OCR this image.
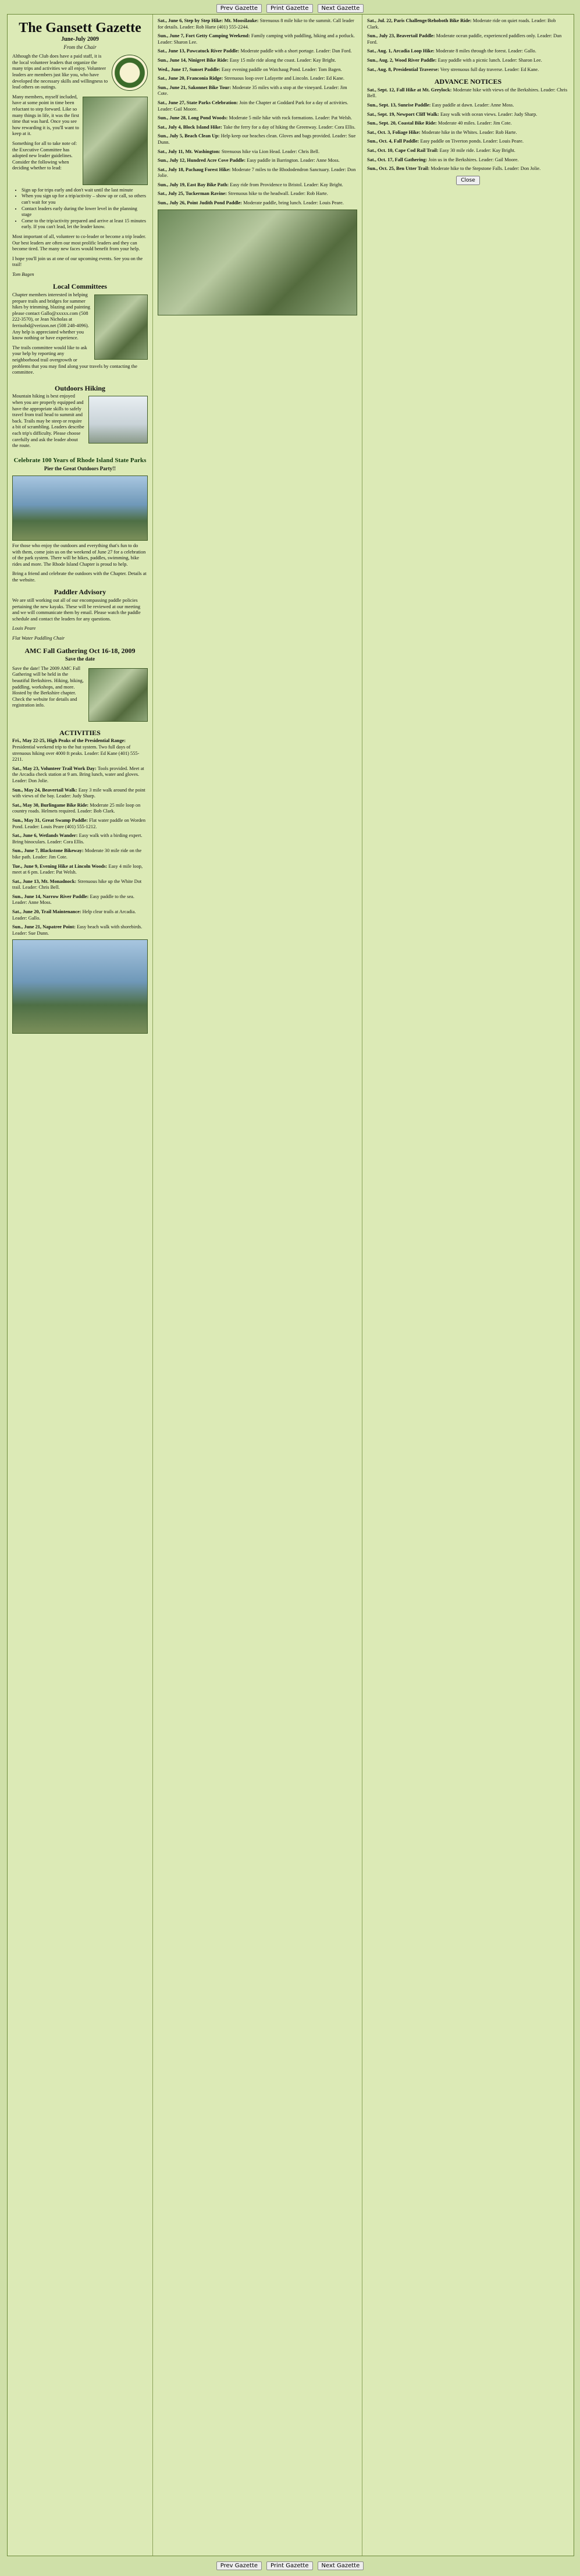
Prev Gazette Print Gazette Next Gazette
The Gansett Gazette

June-July 2009

From the Chair

Although the Club does have a paid staff, it is the local volunteer leaders that organize the many trips and activities we all enjoy. Volunteer leaders are members just like you, who have developed the necessary skills and willingness to lead others on outings.

Many members, myself included, have at some point in time been reluctant to step forward. Like so many things in life, it was the first time that was hard. Once you see how rewarding it is, you'll want to keep at it.

Something for all to take note of: the Executive Committee has adopted new leader guidelines. Consider the following when deciding whether to lead:

• Sign up for trips early and don't wait until the last minute
• When you sign up for a trip/activity – show up or call, so others can't wait for you
• Contact leaders early during the lower level in the planning stage
• Come to the trip/activity prepared and arrive at least 15 minutes early. If you can't lead, let the leader know.

Most important of all, volunteer to co-leader or become a trip leader. Our best leaders are often our most prolific leaders and they can become tired. The many new faces would benefit from your help.

I hope you'll join us at one of our upcoming events. See you on the trail!

Tom Bagen

Local Committees

Chapter members interested in helping prepare trails and bridges for summer hikes by trimming, blazing and painting please contact Gallo@xxxxx.com (508 222-3570), or Jean Nicholas at ferrisobd@verizon.net (508 248-4096). Any help is appreciated whether you know nothing or have experience.

The trails committee would like to ask your help by reporting any neighborhood trail overgrowth or problems that you may find along your travels by contacting the committee.

Outdoors Hiking

Mountain hiking is best enjoyed when you are properly equipped and have the appropriate skills to safely travel from trail head to summit and back. Trails may be steep or require a bit of scrambling. Leaders describe each trip's difficulty. Please choose carefully and ask the leader about the route.

Celebrate 100 Years of Rhode Island State Parks

Pier the Great Outdoors Party!!

For those who enjoy the outdoors and everything that's fun to do with them, come join us on the weekend of June 27 for a celebration of the park system. There will be hikes, paddles, swimming, bike rides and more. The Rhode Island Chapter is proud to help.

Bring a friend and celebrate the outdoors with the Chapter. Details at the website.

Paddler Advisory

We are still working out all of our encompassing paddle policies pertaining the new kayaks. These will be reviewed at our meeting and we will communicate them by email. Please watch the paddle schedule and contact the leaders for any questions.

Louis Peare

Flat Water Paddling Chair

AMC Fall Gathering Oct 16-18, 2009

Save the date

Save the date! The 2009 AMC Fall Gathering will be held in the beautiful Berkshires. Hiking, biking, paddling, workshops, and more. Hosted by the Berkshire chapter. Check the website for details and registration info.

ACTIVITIES

Fri., May 22-25, High Peaks of the Presidential Range: Presidential weekend trip to the hut system. Two full days of strenuous hiking over 4000 ft peaks. Leader: Ed Kane (401) 555-2211.

Sat., May 23, Volunteer Trail Work Day: Tools provided. Meet at the Arcadia check station at 9 am. Bring lunch, water and gloves. Leader: Don Jolie.

Sun., May 24, Beavertail Walk: Easy 3 mile walk around the point with views of the bay. Leader: Judy Sharp.

Sat., May 30, Burlingame Bike Ride: Moderate 25 mile loop on country roads. Helmets required. Leader: Bob Clark.

Sun., May 31, Great Swamp Paddle: Flat water paddle on Worden Pond. Leader: Louis Peare (401) 555-1212.

Sat., June 6, Wetlands Wander: Easy walk with a birding expert. Bring binoculars. Leader: Cora Ellis.

Sun., June 7, Blackstone Bikeway: Moderate 30 mile ride on the bike path. Leader: Jim Cote.

Tue., June 9, Evening Hike at Lincoln Woods: Easy 4 mile loop, meet at 6 pm. Leader: Pat Welsh.

Sat., June 13, Mt. Monadnock: Strenuous hike up the White Dot trail. Leader: Chris Bell.

Sun., June 14, Narrow River Paddle: Easy paddle to the sea. Leader: Anne Moss.

Sat., June 20, Trail Maintenance: Help clear trails at Arcadia. Leader: Gallo.

Sun., June 21, Napatree Point: Easy beach walk with shorebirds. Leader: Sue Dunn.

Sat., June 6, Step by Step Hike: Mt. Moosilauke: Strenuous 8 mile hike to the summit. Call leader for details. Leader: Rob Harte (401) 555-2244.

Sun., June 7, Fort Getty Camping Weekend: Family camping with paddling, hiking and a potluck. Leader: Sharon Lee.

Sat., June 13, Pawcatuck River Paddle: Moderate paddle with a short portage. Leader: Dan Ford.

Sun., June 14, Ninigret Bike Ride: Easy 15 mile ride along the coast. Leader: Kay Bright.

Wed., June 17, Sunset Paddle: Easy evening paddle on Watchaug Pond. Leader: Tom Bagen.

Sat., June 20, Franconia Ridge: Strenuous loop over Lafayette and Lincoln. Leader: Ed Kane.

Sun., June 21, Sakonnet Bike Tour: Moderate 35 miles with a stop at the vineyard. Leader: Jim Cote.

Sat., June 27, State Parks Celebration: Join the Chapter at Goddard Park for a day of activities. Leader: Gail Moore.

Sun., June 28, Long Pond Woods: Moderate 5 mile hike with rock formations. Leader: Pat Welsh.

Sat., July 4, Block Island Hike: Take the ferry for a day of hiking the Greenway. Leader: Cora Ellis.

Sun., July 5, Beach Clean Up: Help keep our beaches clean. Gloves and bags provided. Leader: Sue Dunn.

Sat., July 11, Mt. Washington: Strenuous hike via Lion Head. Leader: Chris Bell.

Sun., July 12, Hundred Acre Cove Paddle: Easy paddle in Barrington. Leader: Anne Moss.

Sat., July 18, Pachaug Forest Hike: Moderate 7 miles to the Rhododendron Sanctuary. Leader: Don Jolie.

Sun., July 19, East Bay Bike Path: Easy ride from Providence to Bristol. Leader: Kay Bright.

Sat., July 25, Tuckerman Ravine: Strenuous hike to the headwall. Leader: Rob Harte.

Sun., July 26, Point Judith Pond Paddle: Moderate paddle, bring lunch. Leader: Louis Peare.

Sat., Jul. 22, Paris Challenge/Rehoboth Bike Ride: Moderate ride on quiet roads. Leader: Bob Clark.

Sun., July 23, Beavertail Paddle: Moderate ocean paddle, experienced paddlers only. Leader: Dan Ford.

Sat., Aug. 1, Arcadia Loop Hike: Moderate 8 miles through the forest. Leader: Gallo.

Sun., Aug. 2, Wood River Paddle: Easy paddle with a picnic lunch. Leader: Sharon Lee.

Sat., Aug. 8, Presidential Traverse: Very strenuous full day traverse. Leader: Ed Kane.

ADVANCE NOTICES

Sat., Sept. 12, Fall Hike at Mt. Greylock: Moderate hike with views of the Berkshires. Leader: Chris Bell.

Sun., Sept. 13, Sunrise Paddle: Easy paddle at dawn. Leader: Anne Moss.

Sat., Sept. 19, Newport Cliff Walk: Easy walk with ocean views. Leader: Judy Sharp.

Sun., Sept. 20, Coastal Bike Ride: Moderate 40 miles. Leader: Jim Cote.

Sat., Oct. 3, Foliage Hike: Moderate hike in the Whites. Leader: Rob Harte.

Sun., Oct. 4, Fall Paddle: Easy paddle on Tiverton ponds. Leader: Louis Peare.

Sat., Oct. 10, Cape Cod Rail Trail: Easy 30 mile ride. Leader: Kay Bright.

Sat., Oct. 17, Fall Gathering: Join us in the Berkshires. Leader: Gail Moore.

Sun., Oct. 25, Ben Utter Trail: Moderate hike to the Stepstone Falls. Leader: Don Jolie.

Close
Prev Gazette Print Gazette Next Gazette
